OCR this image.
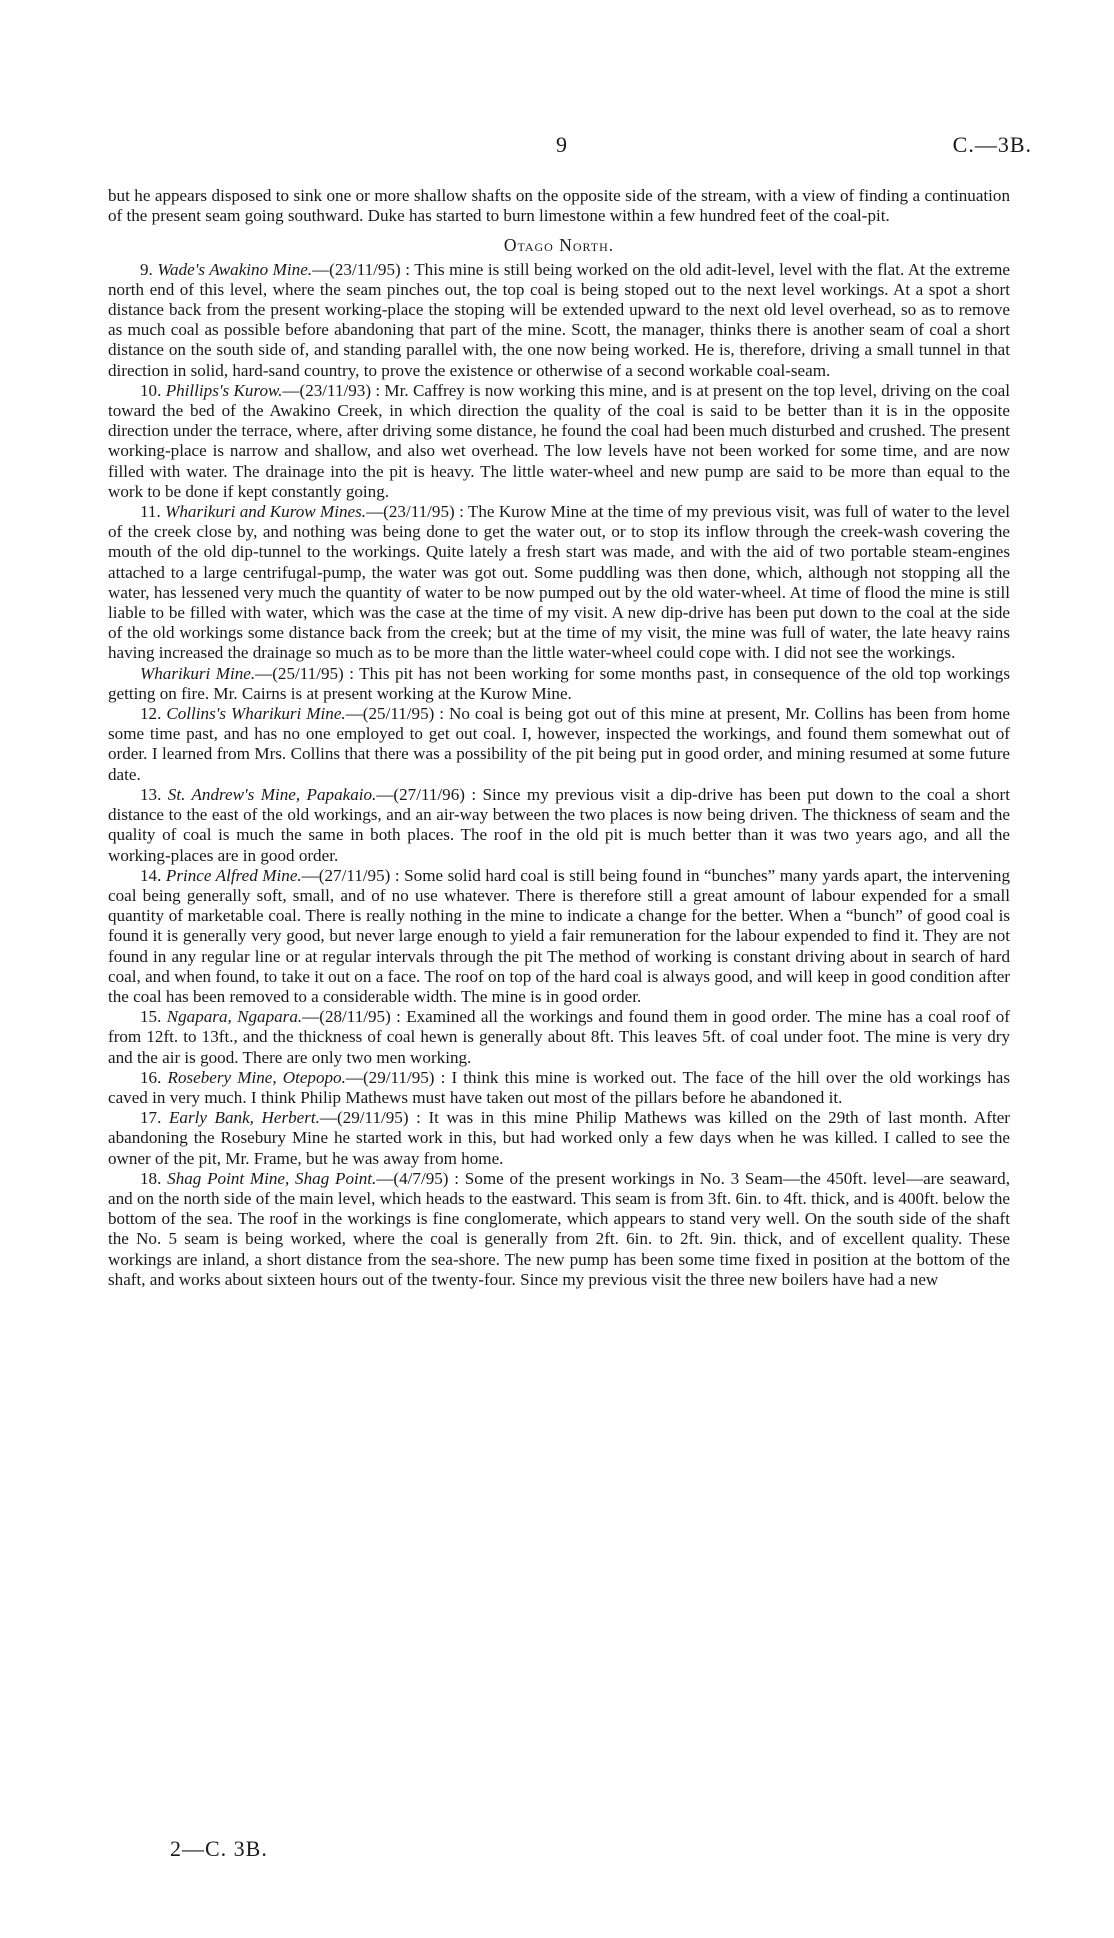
9	C.—3B.

but he appears disposed to sink one or more shallow shafts on the opposite side of the stream, with a view of finding a continuation of the present seam going southward. Duke has started to burn limestone within a few hundred feet of the coal-pit.

Otago North.

9. Wade's Awakino Mine.—(23/11/95) : This mine is still being worked on the old adit-level, level with the flat. At the extreme north end of this level, where the seam pinches out, the top coal is being stoped out to the next level workings. At a spot a short distance back from the present working-place the stoping will be extended upward to the next old level overhead, so as to remove as much coal as possible before abandoning that part of the mine. Scott, the manager, thinks there is another seam of coal a short distance on the south side of, and standing parallel with, the one now being worked. He is, therefore, driving a small tunnel in that direction in solid, hard-sand country, to prove the existence or otherwise of a second workable coal-seam.

10. Phillips's Kurow.—(23/11/93) : Mr. Caffrey is now working this mine, and is at present on the top level, driving on the coal toward the bed of the Awakino Creek, in which direction the quality of the coal is said to be better than it is in the opposite direction under the terrace, where, after driving some distance, he found the coal had been much disturbed and crushed. The present working-place is narrow and shallow, and also wet overhead. The low levels have not been worked for some time, and are now filled with water. The drainage into the pit is heavy. The little water-wheel and new pump are said to be more than equal to the work to be done if kept constantly going.

11. Wharikuri and Kurow Mines.—(23/11/95) : The Kurow Mine at the time of my previous visit, was full of water to the level of the creek close by, and nothing was being done to get the water out, or to stop its inflow through the creek-wash covering the mouth of the old dip-tunnel to the workings. Quite lately a fresh start was made, and with the aid of two portable steam-engines attached to a large centrifugal-pump, the water was got out. Some puddling was then done, which, although not stopping all the water, has lessened very much the quantity of water to be now pumped out by the old water-wheel. At time of flood the mine is still liable to be filled with water, which was the case at the time of my visit. A new dip-drive has been put down to the coal at the side of the old workings some distance back from the creek; but at the time of my visit, the mine was full of water, the late heavy rains having increased the drainage so much as to be more than the little water-wheel could cope with. I did not see the workings.

Wharikuri Mine.—(25/11/95) : This pit has not been working for some months past, in consequence of the old top workings getting on fire. Mr. Cairns is at present working at the Kurow Mine.

12. Collins's Wharikuri Mine.—(25/11/95) : No coal is being got out of this mine at present, Mr. Collins has been from home some time past, and has no one employed to get out coal. I, however, inspected the workings, and found them somewhat out of order. I learned from Mrs. Collins that there was a possibility of the pit being put in good order, and mining resumed at some future date.

13. St. Andrew's Mine, Papakaio.—(27/11/96) : Since my previous visit a dip-drive has been put down to the coal a short distance to the east of the old workings, and an air-way between the two places is now being driven. The thickness of seam and the quality of coal is much the same in both places. The roof in the old pit is much better than it was two years ago, and all the working-places are in good order.

14. Prince Alfred Mine.—(27/11/95) : Some solid hard coal is still being found in “bunches” many yards apart, the intervening coal being generally soft, small, and of no use whatever. There is therefore still a great amount of labour expended for a small quantity of marketable coal. There is really nothing in the mine to indicate a change for the better. When a “bunch” of good coal is found it is generally very good, but never large enough to yield a fair remuneration for the labour expended to find it. They are not found in any regular line or at regular intervals through the pit The method of working is constant driving about in search of hard coal, and when found, to take it out on a face. The roof on top of the hard coal is always good, and will keep in good condition after the coal has been removed to a considerable width. The mine is in good order.

15. Ngapara, Ngapara.—(28/11/95) : Examined all the workings and found them in good order. The mine has a coal roof of from 12ft. to 13ft., and the thickness of coal hewn is generally about 8ft. This leaves 5ft. of coal under foot. The mine is very dry and the air is good. There are only two men working.

16. Rosebery Mine, Otepopo.—(29/11/95) : I think this mine is worked out. The face of the hill over the old workings has caved in very much. I think Philip Mathews must have taken out most of the pillars before he abandoned it.

17. Early Bank, Herbert.—(29/11/95) : It was in this mine Philip Mathews was killed on the 29th of last month. After abandoning the Rosebury Mine he started work in this, but had worked only a few days when he was killed. I called to see the owner of the pit, Mr. Frame, but he was away from home.

18. Shag Point Mine, Shag Point.—(4/7/95) : Some of the present workings in No. 3 Seam—the 450ft. level—are seaward, and on the north side of the main level, which heads to the eastward. This seam is from 3ft. 6in. to 4ft. thick, and is 400ft. below the bottom of the sea. The roof in the workings is fine conglomerate, which appears to stand very well. On the south side of the shaft the No. 5 seam is being worked, where the coal is generally from 2ft. 6in. to 2ft. 9in. thick, and of excellent quality. These workings are inland, a short distance from the sea-shore. The new pump has been some time fixed in position at the bottom of the shaft, and works about sixteen hours out of the twenty-four. Since my previous visit the three new boilers have had a new

2—C. 3B.
